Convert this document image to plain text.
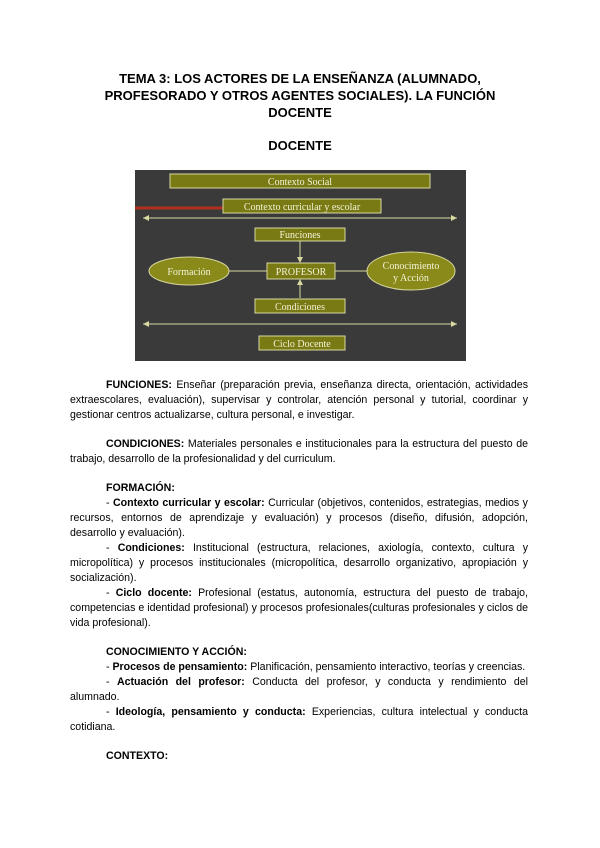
TEMA 3: LOS ACTORES DE LA ENSEÑANZA (ALUMNADO,
PROFESORADO Y OTROS AGENTES SOCIALES). LA FUNCIÓN
DOCENTE
DOCENTE
Contexto Social
Contexto curricular y escolar
Funciones
Formación	PROFESOR
Conocimiento
y Acción
Condiciones
Ciclo Docente

FUNCIONES: Enseñar (preparación previa, enseñanza directa, orientación, actividades extraescolares, evaluación), supervisar y controlar, atención personal y tutorial, coordinar y gestionar centros actualizarse, cultura personal, e investigar.

CONDICIONES: Materiales personales e institucionales para la estructura del puesto de trabajo, desarrollo de la profesionalidad y del curriculum.

FORMACIÓN:

- Contexto curricular y escolar: Curricular (objetivos, contenidos, estrategias, medios y recursos, entornos de aprendizaje y evaluación) y procesos (diseño, difusión, adopción, desarrollo y evaluación).

- Condiciones: Institucional (estructura, relaciones, axiología, contexto, cultura y micropolítica) y procesos institucionales (micropolítica, desarrollo organizativo, apropiación y socialización).

- Ciclo docente: Profesional (estatus, autonomía, estructura del puesto de trabajo, competencias e identidad profesional) y procesos profesionales(culturas profesionales y ciclos de vida profesional).

CONOCIMIENTO Y ACCIÓN:

- Procesos de pensamiento: Planificación, pensamiento interactivo, teorías y creencias.

- Actuación del profesor: Conducta del profesor, y conducta y rendimiento del alumnado.

- Ideología, pensamiento y conducta: Experiencias, cultura intelectual y conducta cotidiana.

CONTEXTO:
